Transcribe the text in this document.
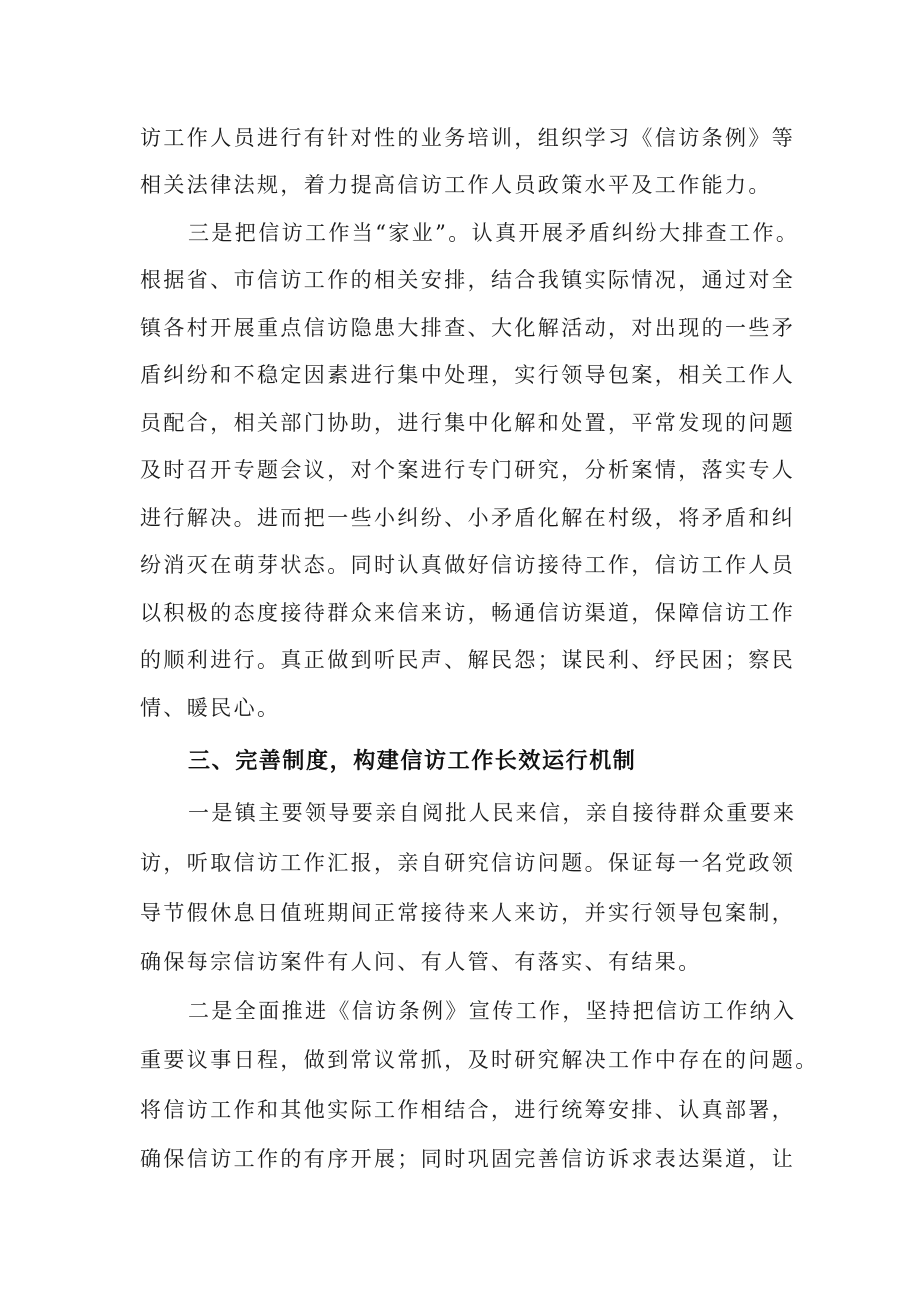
访工作人员进行有针对性的业务培训，组织学习《信访条例》等
相关法律法规，着力提高信访工作人员政策水平及工作能力。
三是把信访工作当“家业”。认真开展矛盾纠纷大排查工作。
根据省、市信访工作的相关安排，结合我镇实际情况，通过对全
镇各村开展重点信访隐患大排查、大化解活动，对出现的一些矛
盾纠纷和不稳定因素进行集中处理，实行领导包案，相关工作人
员配合，相关部门协助，进行集中化解和处置，平常发现的问题
及时召开专题会议，对个案进行专门研究，分析案情，落实专人
进行解决。进而把一些小纠纷、小矛盾化解在村级，将矛盾和纠
纷消灭在萌芽状态。同时认真做好信访接待工作，信访工作人员
以积极的态度接待群众来信来访，畅通信访渠道，保障信访工作
的顺利进行。真正做到听民声、解民怨；谋民利、纾民困；察民
情、暖民心。
三、完善制度，构建信访工作长效运行机制
一是镇主要领导要亲自阅批人民来信，亲自接待群众重要来
访，听取信访工作汇报，亲自研究信访问题。保证每一名党政领
导节假休息日值班期间正常接待来人来访，并实行领导包案制，
确保每宗信访案件有人问、有人管、有落实、有结果。
二是全面推进《信访条例》宣传工作，坚持把信访工作纳入
重要议事日程，做到常议常抓，及时研究解决工作中存在的问题。
将信访工作和其他实际工作相结合，进行统筹安排、认真部署，
确保信访工作的有序开展；同时巩固完善信访诉求表达渠道，让
